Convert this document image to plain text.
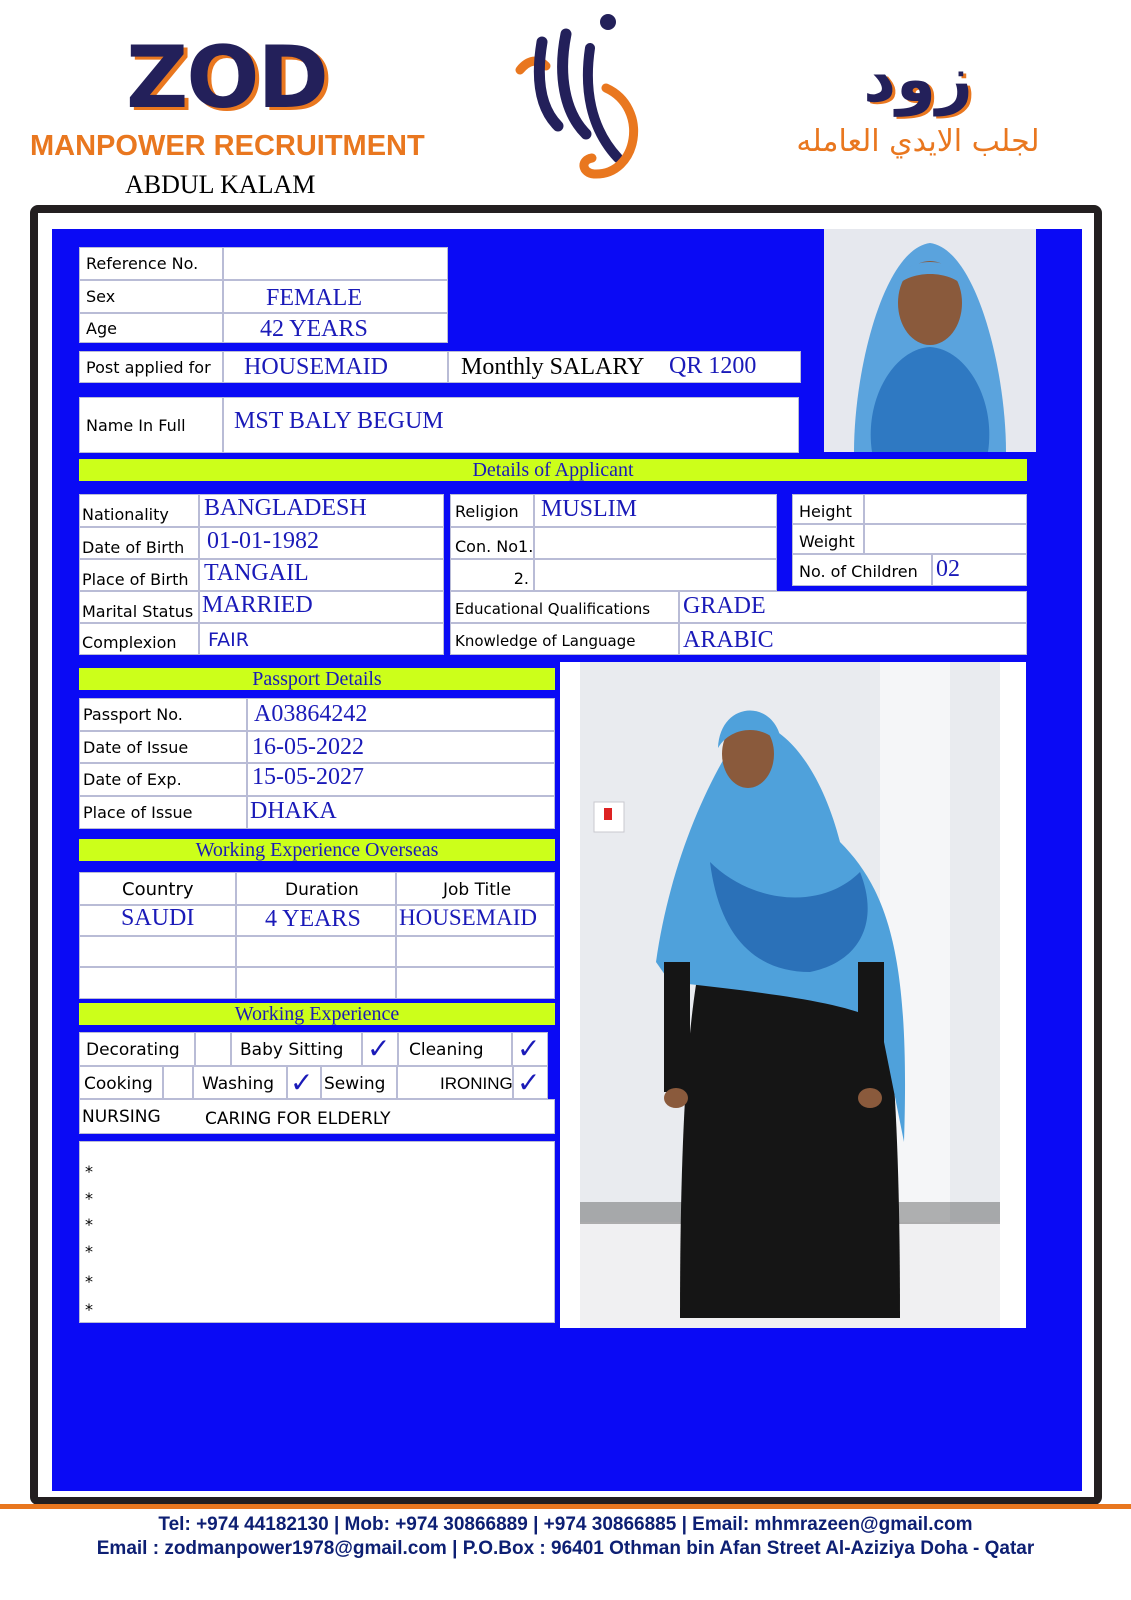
ZOD
MANPOWER RECRUITMENT
ABDUL KALAM
زود
لجلب الايدي العامله
Reference No.
Sex	FEMALE
Age	42 YEARS
Post applied for HOUSEMAID	Monthly SALARY QR 1200
Name In Full MST BALY BEGUM
Details of Applicant
Nationality BANGLADESH
Date of Birth 01-01-1982
Place of Birth TANGAIL
Marital Status MARRIED
Complexion FAIR
Religion MUSLIM
Con. No1.
2.
Height
Weight
No. of Children 02
Educational Qualifications GRADE
Knowledge of Language ARABIC
Passport Details
Passport No.	A03864242
Date of Issue	16-05-2022
Date of Exp.	15-05-2027
Place of Issue DHAKA
Working Experience Overseas
Country	Duration	Job Title
SAUDI	4 YEARS HOUSEMAID
Working Experience
Decorating	Baby Sitting ✓ Cleaning ✓
Cooking	Washing ✓ Sewing	IRONING ✓
NURSING	CARING FOR ELDERLY
*
*
*
*
*
*
Tel: +974 44182130 | Mob: +974 30866889 | +974 30866885 | Email: mhmrazeen@gmail.com
Email : zodmanpower1978@gmail.com | P.O.Box : 96401 Othman bin Afan Street Al-Aziziya Doha - Qatar
